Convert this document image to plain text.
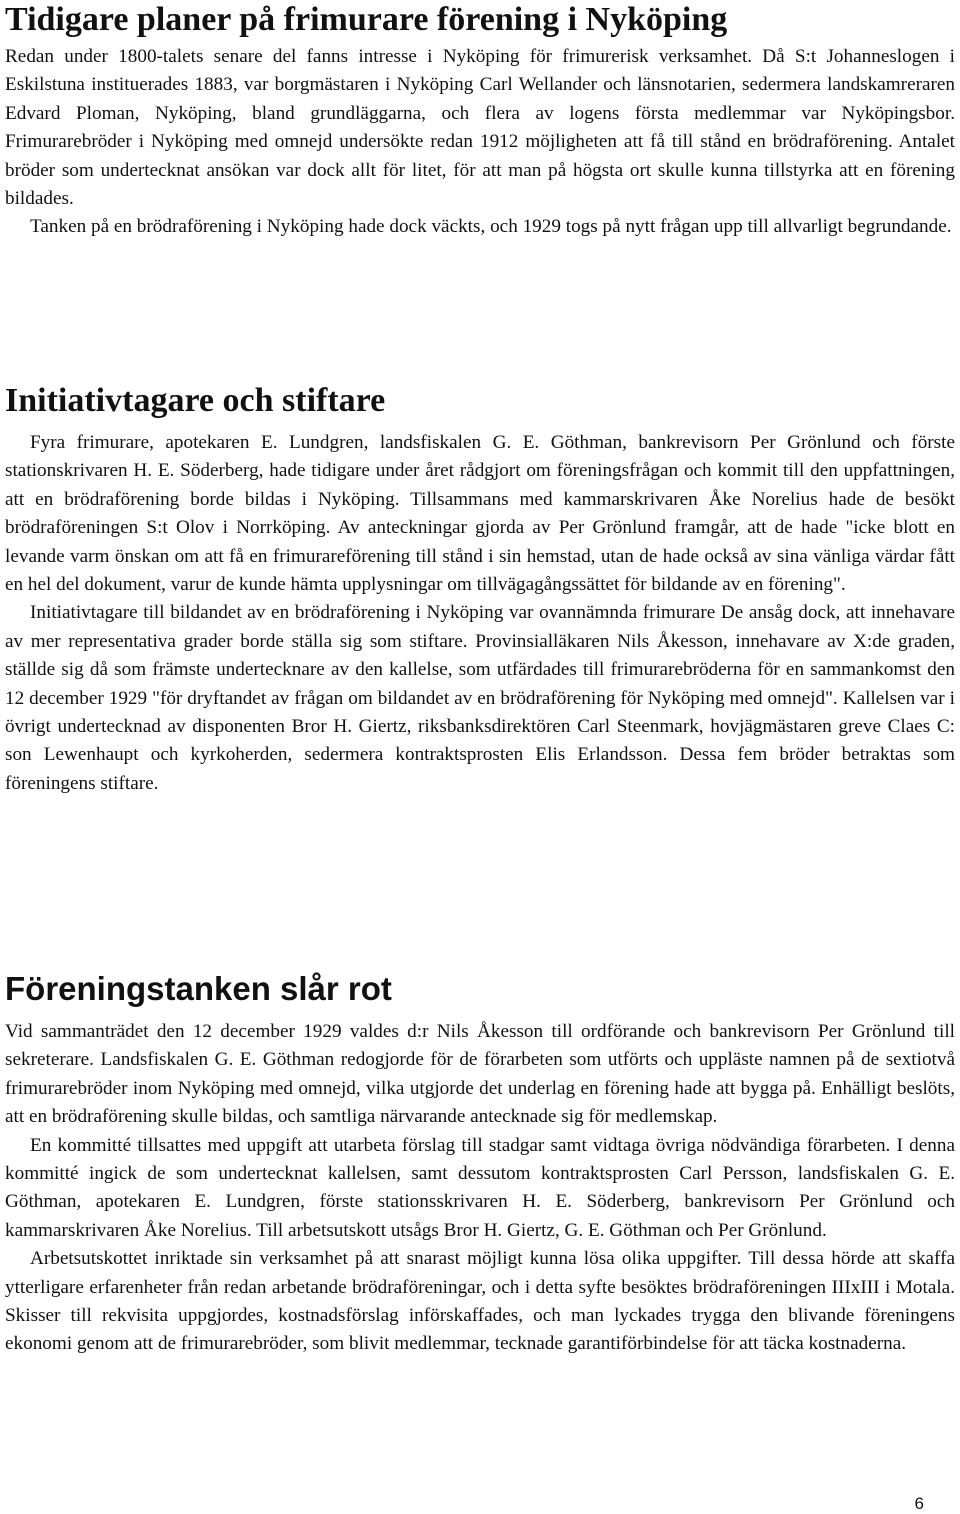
Tidigare planer på frimurare förening i Nyköping

Redan under 1800-talets senare del fanns intresse i Nyköping för frimurerisk verksamhet. Då S:t Johanneslogen i Eskilstuna instituerades 1883, var borgmästaren i Nyköping Carl Wellander och länsnotarien, sedermera landskamreraren Edvard Ploman, Nyköping, bland grundläggarna, och flera av logens första medlemmar var Nyköpingsbor. Frimurarebröder i Nyköping med omnejd undersökte redan 1912 möjligheten att få till stånd en brödraförening. Antalet bröder som undertecknat ansökan var dock allt för litet, för att man på högsta ort skulle kunna tillstyrka att en förening bildades.

Tanken på en brödraförening i Nyköping hade dock väckts, och 1929 togs på nytt frågan upp till allvarligt begrundande.

Initiativtagare och stiftare

Fyra frimurare, apotekaren E. Lundgren, landsfiskalen G. E. Göthman, bankrevisorn Per Grönlund och förste stationskrivaren H. E. Söderberg, hade tidigare under året rådgjort om föreningsfrågan och kommit till den uppfattningen, att en brödraförening borde bildas i Nyköping. Tillsammans med kammarskrivaren Åke Norelius hade de besökt brödraföreningen S:t Olov i Norrköping. Av anteckningar gjorda av Per Grönlund framgår, att de hade "icke blott en levande varm önskan om att få en frimurareförening till stånd i sin hemstad, utan de hade också av sina vänliga värdar fått en hel del dokument, varur de kunde hämta upplysningar om tillvägagångssättet för bildande av en förening".

Initiativtagare till bildandet av en brödraförening i Nyköping var ovannämnda frimurare De ansåg dock, att innehavare av mer representativa grader borde ställa sig som stiftare. Provinsialläkaren Nils Åkesson, innehavare av X:de graden, ställde sig då som främste undertecknare av den kallelse, som utfärdades till frimurarebröderna för en sammankomst den 12 december 1929 "för dryftandet av frågan om bildandet av en brödraförening för Nyköping med omnejd". Kallelsen var i övrigt undertecknad av disponenten Bror H. Giertz, riksbanksdirektören Carl Steenmark, hovjägmästaren greve Claes C: son Lewenhaupt och kyrkoherden, sedermera kontraktsprosten Elis Erlandsson. Dessa fem bröder betraktas som föreningens stiftare.

Föreningstanken slår rot

Vid sammanträdet den 12 december 1929 valdes d:r Nils Åkesson till ordförande och bankrevisorn Per Grönlund till sekreterare. Landsfiskalen G. E. Göthman redogjorde för de förarbeten som utförts och uppläste namnen på de sextiotvå frimurarebröder inom Nyköping med omnejd, vilka utgjorde det underlag en förening hade att bygga på. Enhälligt beslöts, att en brödraförening skulle bildas, och samtliga närvarande antecknade sig för medlemskap.

En kommitté tillsattes med uppgift att utarbeta förslag till stadgar samt vidtaga övriga nödvändiga förarbeten. I denna kommitté ingick de som undertecknat kallelsen, samt dessutom kontraktsprosten Carl Persson, landsfiskalen G. E. Göthman, apotekaren E. Lundgren, förste stationsskrivaren H. E. Söderberg, bankrevisorn Per Grönlund och kammarskrivaren Åke Norelius. Till arbetsutskott utsågs Bror H. Giertz, G. E. Göthman och Per Grönlund.

Arbetsutskottet inriktade sin verksamhet på att snarast möjligt kunna lösa olika uppgifter. Till dessa hörde att skaffa ytterligare erfarenheter från redan arbetande brödraföreningar, och i detta syfte besöktes brödraföreningen IIIxIII i Motala. Skisser till rekvisita uppgjordes, kostnadsförslag införskaffades, och man lyckades trygga den blivande föreningens ekonomi genom att de frimurarebröder, som blivit medlemmar, tecknade garantiförbindelse för att täcka kostnaderna.

6
